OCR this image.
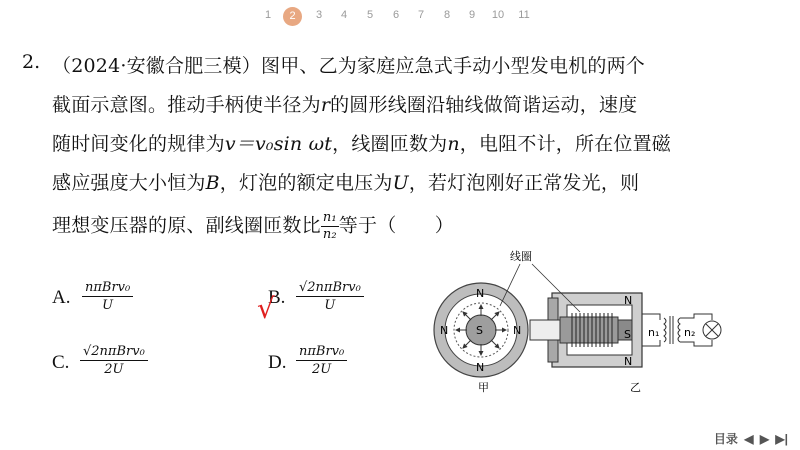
1	2	3	4	5	6	7	8	9	10	11
2. （2024·安徽合肥三模）图甲、乙为家庭应急式手动小型发电机的两个
截面示意图。推动手柄使半径为r的圆形线圈沿轴线做简谐运动，速度
随时间变化的规律为v＝v₀sin ωt，线圈匝数为n，电阻不计，所在位置磁
感应强度大小恒为B，灯泡的额定电压为U，若灯泡刚好正常发光，则
理想变压器的原、副线圈匝数比 $\frac{\text{n₁}}{\text{n₂}}$ 等于（　　）
A. nπBrv₀
U	B. √2nπBrv₀
U
√
C.
√2nπBrv₀
2U	D.
nπBrv₀
2U
S
N
N
N	N
甲
N
S
N
线圈
n₁ n₂
乙
目录 ◀ ▶ ▶|
